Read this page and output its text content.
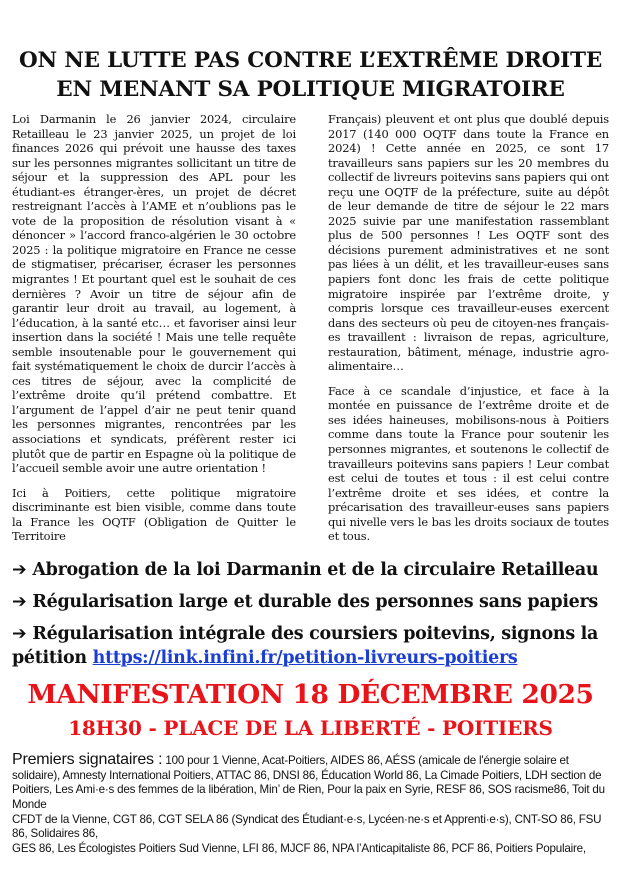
ON NE LUTTE PAS CONTRE L’EXTRÊME DROITE
EN MENANT SA POLITIQUE MIGRATOIRE

Loi Darmanin le 26 janvier 2024, circulaire Retailleau le 23 janvier 2025, un projet de loi finances 2026 qui prévoit une hausse des taxes sur les personnes migrantes sollicitant un titre de séjour et la suppression des APL pour les étudiant-es étranger-ères, un projet de décret restreignant l’accès à l’AME et n’oublions pas le vote de la proposition de résolution visant à « dénoncer » l’accord franco-algérien le 30 octobre 2025 : la politique migratoire en France ne cesse de stigmatiser, précariser, écraser les personnes migrantes ! Et pourtant quel est le souhait de ces dernières ? Avoir un titre de séjour afin de garantir leur droit au travail, au logement, à l’éducation, à la santé etc… et favoriser ainsi leur insertion dans la société ! Mais une telle requête semble insoutenable pour le gouvernement qui fait systématiquement le choix de durcir l’accès à ces titres de séjour, avec la complicité de l’extrême droite qu’il prétend combattre. Et l’argument de l’appel d’air ne peut tenir quand les personnes migrantes, rencontrées par les associations et syndicats, préfèrent rester ici plutôt que de partir en Espagne où la politique de l’accueil semble avoir une autre orientation !

Ici à Poitiers, cette politique migratoire discriminante est bien visible, comme dans toute la France les OQTF (Obligation de Quitter le Territoire

Français) pleuvent et ont plus que doublé depuis 2017 (140 000 OQTF dans toute la France en 2024) ! Cette année en 2025, ce sont 17 travailleurs sans papiers sur les 20 membres du collectif de livreurs poitevins sans papiers qui ont reçu une OQTF de la préfecture, suite au dépôt de leur demande de titre de séjour le 22 mars 2025 suivie par une manifestation rassemblant plus de 500 personnes ! Les OQTF sont des décisions purement administratives et ne sont pas liées à un délit, et les travailleur-euses sans papiers font donc les frais de cette politique migratoire inspirée par l’extrême droite, y compris lorsque ces travailleur-euses exercent dans des secteurs où peu de citoyen-nes français-es travaillent : livraison de repas, agriculture, restauration, bâtiment, ménage, industrie agro-alimentaire…

Face à ce scandale d’injustice, et face à la montée en puissance de l’extrême droite et de ses idées haineuses, mobilisons-nous à Poitiers comme dans toute la France pour soutenir les personnes migrantes, et soutenons le collectif de travailleurs poitevins sans papiers ! Leur combat est celui de toutes et tous : il est celui contre l’extrême droite et ses idées, et contre la précarisation des travailleur-euses sans papiers qui nivelle vers le bas les droits sociaux de toutes et tous.

➔ Abrogation de la loi Darmanin et de la circulaire Retailleau
➔ Régularisation large et durable des personnes sans papiers
➔ Régularisation intégrale des coursiers poitevins, signons la pétition https://link.infini.fr/petition-livreurs-poitiers
MANIFESTATION 18 DÉCEMBRE 2025
18H30 - PLACE DE LA LIBERTÉ - POITIERS
Premiers signataires : 100 pour 1 Vienne, Acat-Poitiers, AIDES 86, AÉSS (amicale de l'énergie solaire et solidaire), Amnesty International Poitiers, ATTAC 86, DNSI 86, Éducation World 86, La Cimade Poitiers, LDH section de Poitiers, Les Ami·e·s des femmes de la libération, Min’ de Rien, Pour la paix en Syrie, RESF 86, SOS racisme86, Toit du Monde
CFDT de la Vienne, CGT 86, CGT SELA 86 (Syndicat des Étudiant·e·s, Lycéen·ne·s et Apprenti·e·s), CNT-SO 86, FSU 86, Solidaires 86,
GES 86, Les Écologistes Poitiers Sud Vienne, LFI 86, MJCF 86, NPA l’Anticapitaliste 86, PCF 86, Poitiers Populaire,
